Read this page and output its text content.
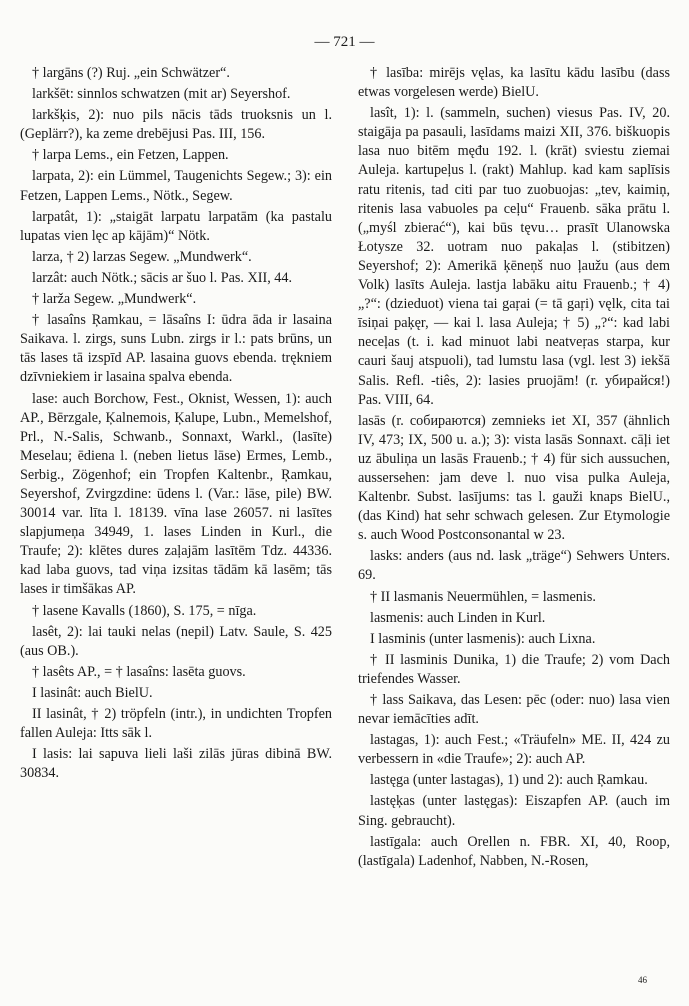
— 721 —

† largāns (?) Ruj. „ein Schwätzer“.

larkšēt: sinnlos schwatzen (mit ar) Seyershof.

larkšķis, 2): nuo pils nācis tāds truoksnis un l. (Geplärr?), ka zeme drebējusi Pas. III, 156.

† larpa Lems., ein Fetzen, Lappen.

larpata, 2): ein Lümmel, Taugenichts Segew.; 3): ein Fetzen, Lappen Lems., Nötk., Segew.

larpatât, 1): „staigāt larpatu larpatām (ka pastalu lupatas vien lęc ap kājām)“ Nötk.

larza, † 2) larzas Segew. „Mundwerk“.

larzât: auch Nötk.; sācis ar šuo l. Pas. XII, 44.

† larža Segew. „Mundwerk“.

† lasaîns Ŗamkau, = lāsaîns I: ūdra āda ir lasaina Saikava. l. zirgs, suns Lubn. zirgs ir l.: pats brūns, un tās lases tā izspīd AP. lasaina guovs ebenda. trękniem dzīvniekiem ir lasaina spalva ebenda.

lase: auch Borchow, Fest., Oknist, Wessen, 1): auch AP., Bērzgale, Ķalnemois, Ķalupe, Lubn., Memelshof, Prl., N.-Salis, Schwanb., Sonnaxt, Warkl., (lasīte) Meselau; ēdiena l. (neben lietus lāse) Ermes, Lemb., Serbig., Zögenhof; ein Tropfen Kaltenbr., Ŗamkau, Seyershof, Zvirgzdine: ūdens l. (Var.: lāse, pile) BW. 30014 var. līta l. 18139. vīna lase 26057. ni lasītes slapjumeņa 34949, 1. lases Linden in Kurl., die Traufe; 2): klētes dures zaļajām lasītēm Tdz. 44336. kad laba guovs, tad viņa izsitas tādām kā lasēm; tās lases ir timšākas AP.

† lasene Kavalls (1860), S. 175, = nīga.

lasêt, 2): lai tauki nelas (nepil) Latv. Saule, S. 425 (aus OB.).

† lasêts AP., = † lasaîns: lasēta guovs.

I lasinât: auch BielU.

II lasinât, † 2) tröpfeln (intr.), in undichten Tropfen fallen Auleja: Itts sāk l.

I lasis: lai sapuva lieli laši zilās jūras dibinā BW. 30834.

† lasība: mirējs vęlas, ka lasītu kādu lasību (dass etwas vorgelesen werde) BielU.

lasît, 1): l. (sammeln, suchen) viesus Pas. IV, 20. staigāja pa pasauli, lasīdams maizi XII, 376. biškuopis lasa nuo bitēm męđu 192. l. (krāt) sviestu ziemai Auleja. kartupeļus l. (rakt) Mahlup. kad kam saplīsis ratu ritenis, tad citi par tuo zuobuojas: „tev, kaimiņ, ritenis lasa vabuoles pa ceļu“ Frauenb. sāka prātu l. („myśl zbierać“), kai būs tęvu… prasīt Ulanowska Łotysze 32. uotram nuo pakaļas l. (stibitzen) Seyershof; 2): Amerikā ķēneņš nuo ļaužu (aus dem Volk) lasīts Auleja. lastja labāku aitu Frauenb.; † 4) „?“: (dzieduot) viena tai gaŗai (= tā gaŗi) vęlk, cita tai īsiņai paķęr, — kai l. lasa Auleja; † 5) „?“: kad labi neceļas (t. i. kad minuot labi neatveŗas starpa, kur cauri šauj atspuoli), tad lumstu lasa (vgl. lest 3) iekšā Salis. Refl. -tiês, 2): lasies pruojām! (r. убирайся!) Pas. VIII, 64.

lasās (r. собираются) zemnieks iet XI, 357 (ähnlich IV, 473; IX, 500 u. a.); 3): vista lasās Sonnaxt. cāļi iet uz ābuliņa un lasās Frauenb.; † 4) für sich aussuchen, aussersehen: jam deve l. nuo visa pulka Auleja, Kaltenbr. Subst. lasījums: tas l. gauži knaps BielU., (das Kind) hat sehr schwach gelesen. Zur Etymologie s. auch Wood Postconsonantal w 23.

lasks: anders (aus nd. lask „träge“) Sehwers Unters. 69.

† II lasmanis Neuermühlen, = lasmenis.

lasmenis: auch Linden in Kurl.

I lasminis (unter lasmenis): auch Lixna.

† II lasminis Dunika, 1) die Traufe; 2) vom Dach triefendes Wasser.

† lass Saikava, das Lesen: pēc (oder: nuo) lasa vien nevar iemācīties adīt.

lastagas, 1): auch Fest.; «Träufeln» ME. II, 424 zu verbessern in «die Traufe»; 2): auch AP.

lastęga (unter lastagas), 1) und 2): auch Ŗamkau.

lastęķas (unter lastęgas): Eiszapfen AP. (auch im Sing. gebraucht).

lastīgala: auch Orellen n. FBR. XI, 40, Roop, (lastīgala) Ladenhof, Nabben, N.-Rosen,

46
